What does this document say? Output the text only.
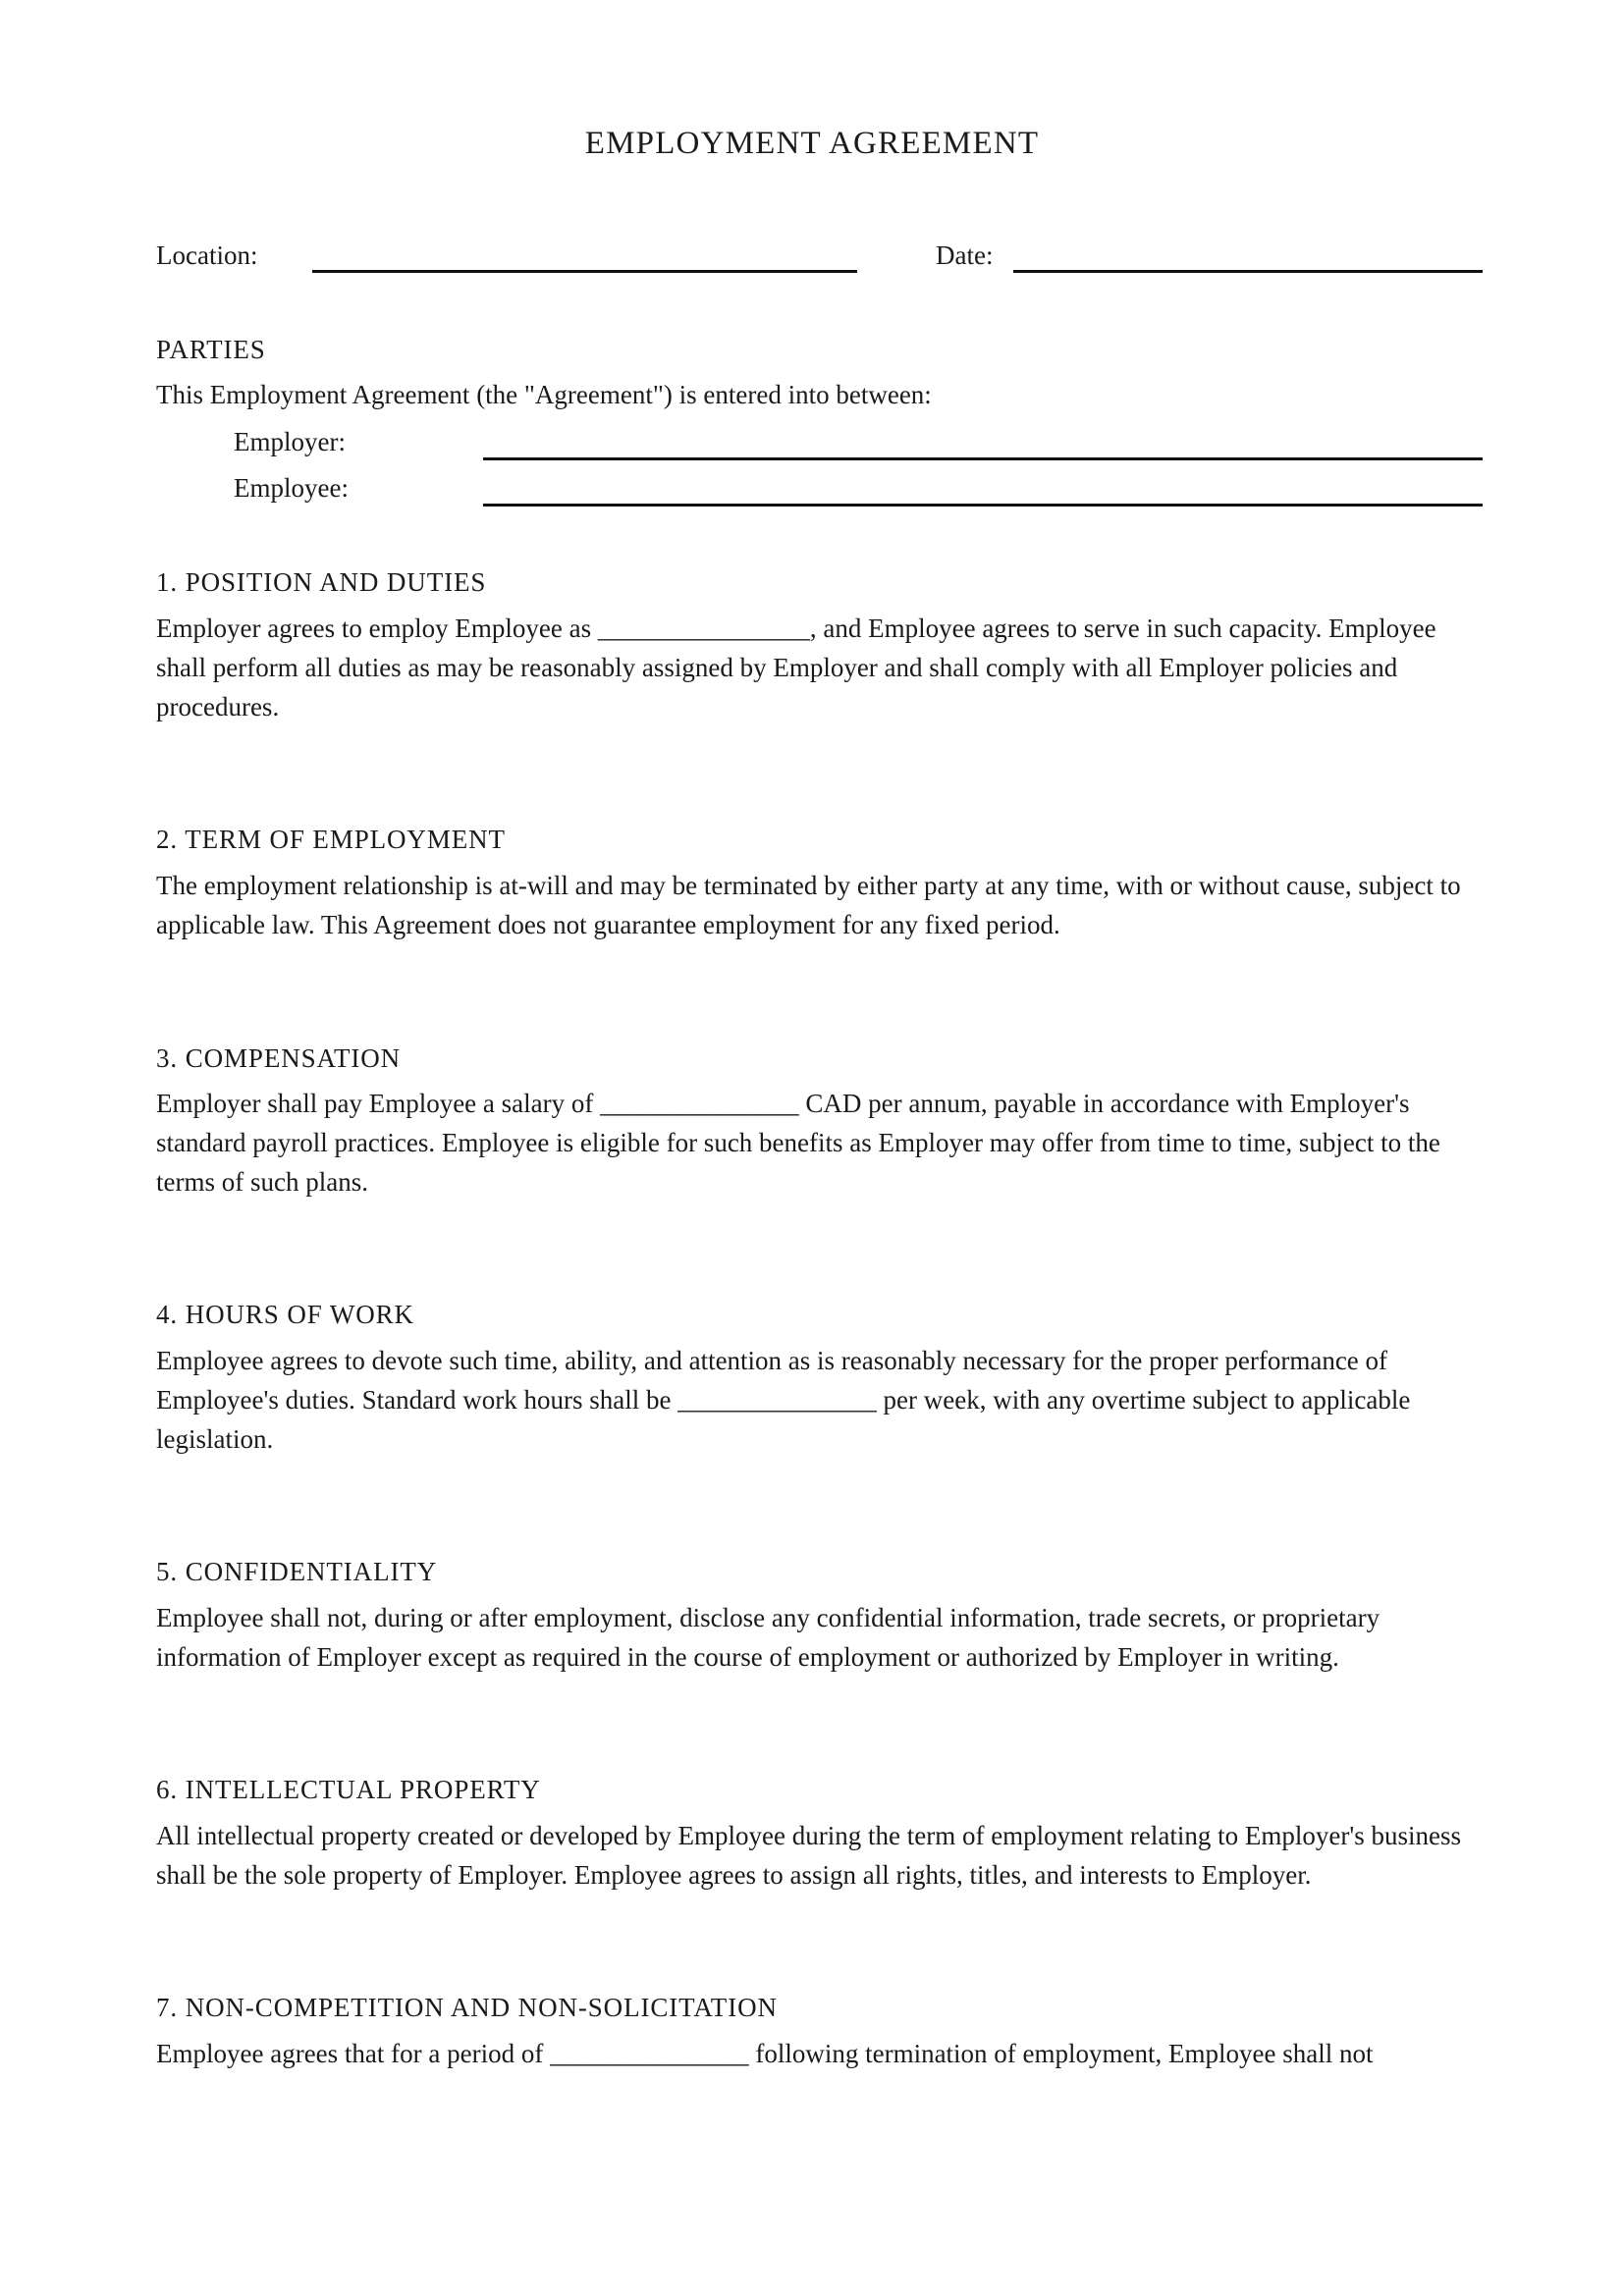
EMPLOYMENT AGREEMENT
Location:	Date:
PARTIES

This Employment Agreement (the "Agreement") is entered into between:

Employer:
Employee:
1. POSITION AND DUTIES

Employer agrees to employ Employee as ________________, and Employee agrees to serve in such capacity. Employee shall perform all duties as may be reasonably assigned by Employer and shall comply with all Employer policies and procedures.

2. TERM OF EMPLOYMENT

The employment relationship is at-will and may be terminated by either party at any time, with or without cause, subject to applicable law. This Agreement does not guarantee employment for any fixed period.

3. COMPENSATION

Employer shall pay Employee a salary of _______________ CAD per annum, payable in accordance with Employer's standard payroll practices. Employee is eligible for such benefits as Employer may offer from time to time, subject to the terms of such plans.

4. HOURS OF WORK

Employee agrees to devote such time, ability, and attention as is reasonably necessary for the proper performance of Employee's duties. Standard work hours shall be _______________ per week, with any overtime subject to applicable legislation.

5. CONFIDENTIALITY

Employee shall not, during or after employment, disclose any confidential information, trade secrets, or proprietary information of Employer except as required in the course of employment or authorized by Employer in writing.

6. INTELLECTUAL PROPERTY

All intellectual property created or developed by Employee during the term of employment relating to Employer's business shall be the sole property of Employer. Employee agrees to assign all rights, titles, and interests to Employer.

7. NON-COMPETITION AND NON-SOLICITATION

Employee agrees that for a period of _______________ following termination of employment, Employee shall not
